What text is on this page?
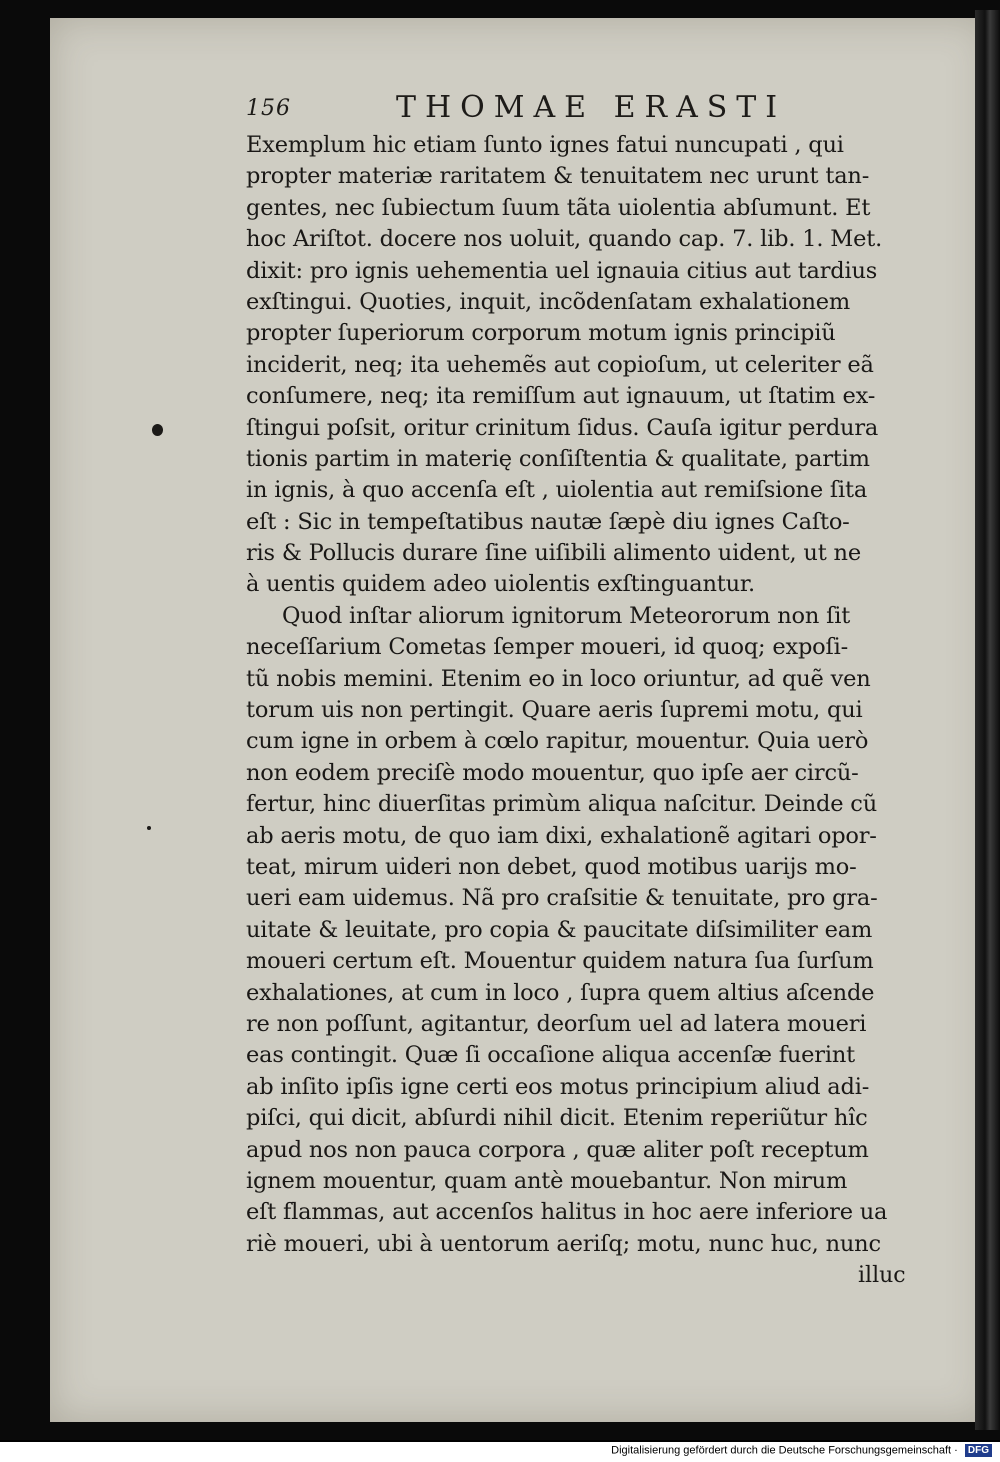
156	THOMAE ERASTI
Exemplum hic etiam ſunto ignes fatui nuncupati , qui
propter materiæ raritatem & tenuitatem nec urunt tan-
gentes, nec ſubiectum ſuum tãta uiolentia abſumunt. Et
hoc Ariſtot. docere nos uoluit, quando cap. 7. lib. 1. Met.
dixit: pro ignis uehementia uel ignauia citius aut tardius
exſtingui. Quoties, inquit, incõdenſatam exhalationem
propter ſuperiorum corporum motum ignis principiũ
inciderit, neq; ita uehemẽs aut copioſum, ut celeriter eã
conſumere, neq; ita remiſſum aut ignauum, ut ſtatim ex-
ſtingui poſsit, oritur crinitum ſidus. Cauſa igitur perdura
tionis partim in materię conſiſtentia & qualitate, partim
in ignis, à quo accenſa eſt , uiolentia aut remiſsione ſita
eſt : Sic in tempeſtatibus nautæ ſæpè diu ignes Caſto-
ris & Pollucis durare ſine uiſibili alimento uident, ut ne
à uentis quidem adeo uiolentis exſtinguantur.
Quod inſtar aliorum ignitorum Meteororum non ſit
neceſſarium Cometas ſemper moueri, id quoq; expoſi-
tũ nobis memini. Etenim eo in loco oriuntur, ad quẽ ven
torum uis non pertingit. Quare aeris ſupremi motu, qui
cum igne in orbem à cœlo rapitur, mouentur. Quia uerò
non eodem preciſè modo mouentur, quo ipſe aer circũ-
fertur, hinc diuerſitas primùm aliqua naſcitur. Deinde cũ
ab aeris motu, de quo iam dixi, exhalationẽ agitari opor-
teat, mirum uideri non debet, quod motibus uarijs mo-
ueri eam uidemus. Nã pro craſsitie & tenuitate, pro gra-
uitate & leuitate, pro copia & paucitate diſsimiliter eam
moueri certum eſt. Mouentur quidem natura ſua ſurſum
exhalationes, at cum in loco , ſupra quem altius aſcende
re non poſſunt, agitantur, deorſum uel ad latera moueri
eas contingit. Quæ ſi occaſione aliqua accenſæ fuerint
ab inſito ipſis igne certi eos motus principium aliud adi-
piſci, qui dicit, abſurdi nihil dicit. Etenim reperiũtur hîc
apud nos non pauca corpora , quæ aliter poſt receptum
ignem mouentur, quam antè mouebantur. Non mirum
eſt flammas, aut accenſos halitus in hoc aere inferiore ua
riè moueri, ubi à uentorum aeriſq; motu, nunc huc, nunc
illuc
Digitalisierung gefördert durch die Deutsche Forschungsgemeinschaft · DFG
